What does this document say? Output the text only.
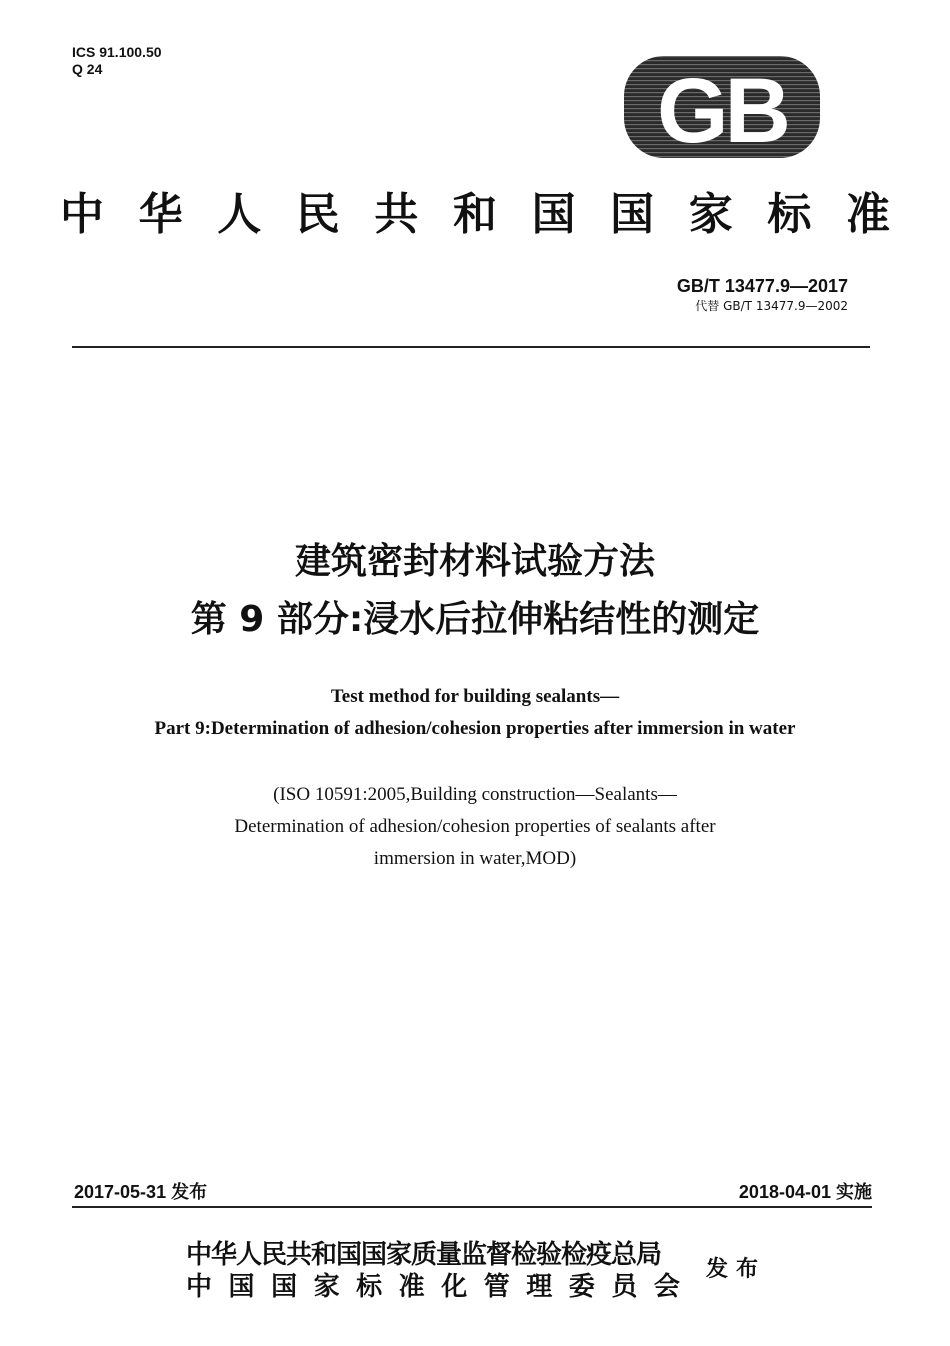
ICS 91.100.50
Q 24	GB
中 华 人 民 共 和 国 国 家 标 准
GB/T 13477.9—2017
代替 GB/T 13477.9—2002
建筑密封材料试验方法
第 9 部分:浸水后拉伸粘结性的测定
Test method for building sealants—
Part 9:Determination of adhesion/cohesion properties after immersion in water
(ISO 10591:2005,Building construction—Sealants—
Determination of adhesion/cohesion properties of sealants after
immersion in water,MOD)
2017-05-31 发布	2018-04-01 实施
中华人民共和国国家质量监督检验检疫总局
中 国 国 家 标 准 化 管 理 委 员 会
发布
